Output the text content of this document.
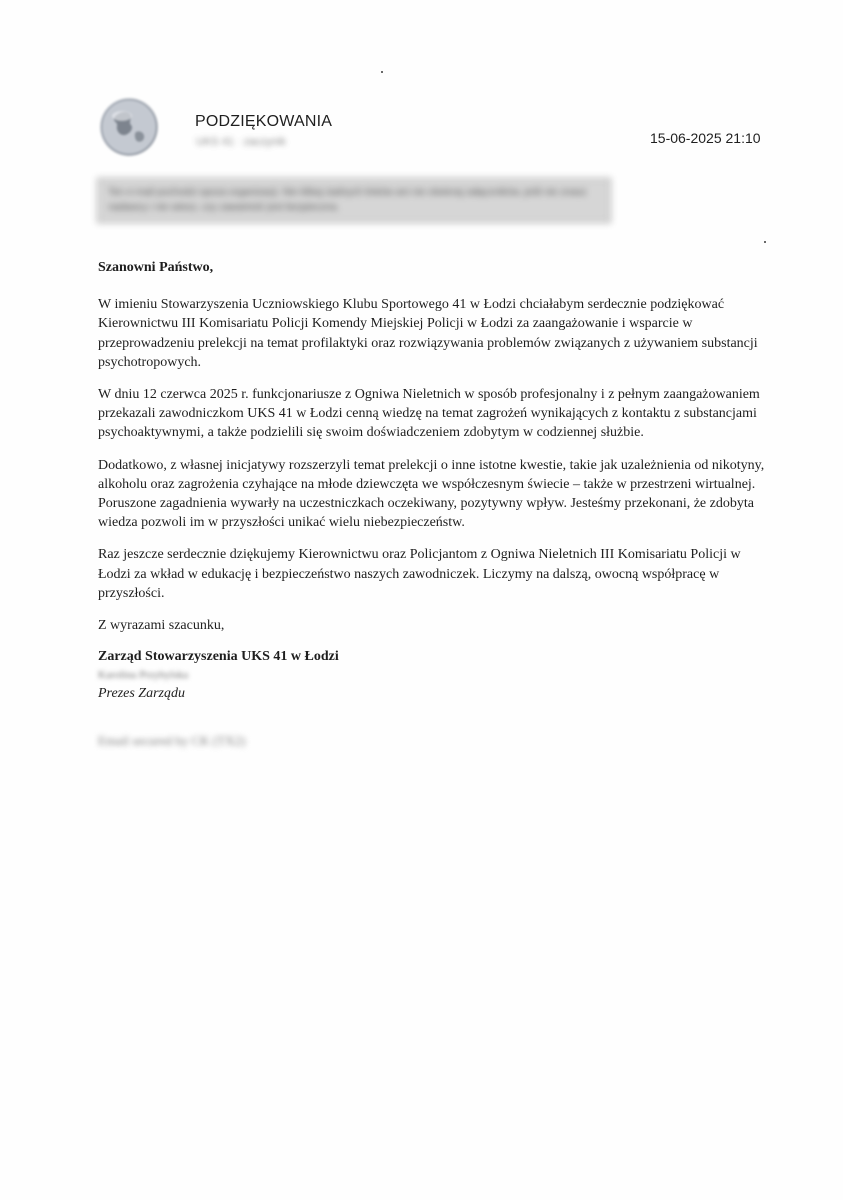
PODZIĘKOWANIA
UKS 41 · zaczynik	15-06-2025 21:10
Ten e-mail pochodzi spoza organizacji. Nie klikaj żadnych linków ani nie otwieraj załączników, jeśli nie znasz nadawcy i nie wiesz, czy zawartość jest bezpieczna.

Szanowni Państwo,

W imieniu Stowarzyszenia Uczniowskiego Klubu Sportowego 41 w Łodzi chciałabym serdecznie podziękować Kierownictwu III Komisariatu Policji Komendy Miejskiej Policji w Łodzi za zaangażowanie i wsparcie w przeprowadzeniu prelekcji na temat profilaktyki oraz rozwiązywania problemów związanych z używaniem substancji psychotropowych.

W dniu 12 czerwca 2025 r. funkcjonariusze z Ogniwa Nieletnich w sposób profesjonalny i z pełnym zaangażowaniem przekazali zawodniczkom UKS 41 w Łodzi cenną wiedzę na temat zagrożeń wynikających z kontaktu z substancjami psychoaktywnymi, a także podzielili się swoim doświadczeniem zdobytym w codziennej służbie.

Dodatkowo, z własnej inicjatywy rozszerzyli temat prelekcji o inne istotne kwestie, takie jak uzależnienia od nikotyny, alkoholu oraz zagrożenia czyhające na młode dziewczęta we współczesnym świecie – także w przestrzeni wirtualnej. Poruszone zagadnienia wywarły na uczestniczkach oczekiwany, pozytywny wpływ. Jesteśmy przekonani, że zdobyta wiedza pozwoli im w przyszłości unikać wielu niebezpieczeństw.

Raz jeszcze serdecznie dziękujemy Kierownictwu oraz Policjantom z Ogniwa Nieletnich III Komisariatu Policji w Łodzi za wkład w edukację i bezpieczeństwo naszych zawodniczek. Liczymy na dalszą, owocną współpracę w przyszłości.

Z wyrazami szacunku,

Zarząd Stowarzyszenia UKS 41 w Łodzi

Karolina Przybylska

Prezes Zarządu

Email secured by CK (TX2)
